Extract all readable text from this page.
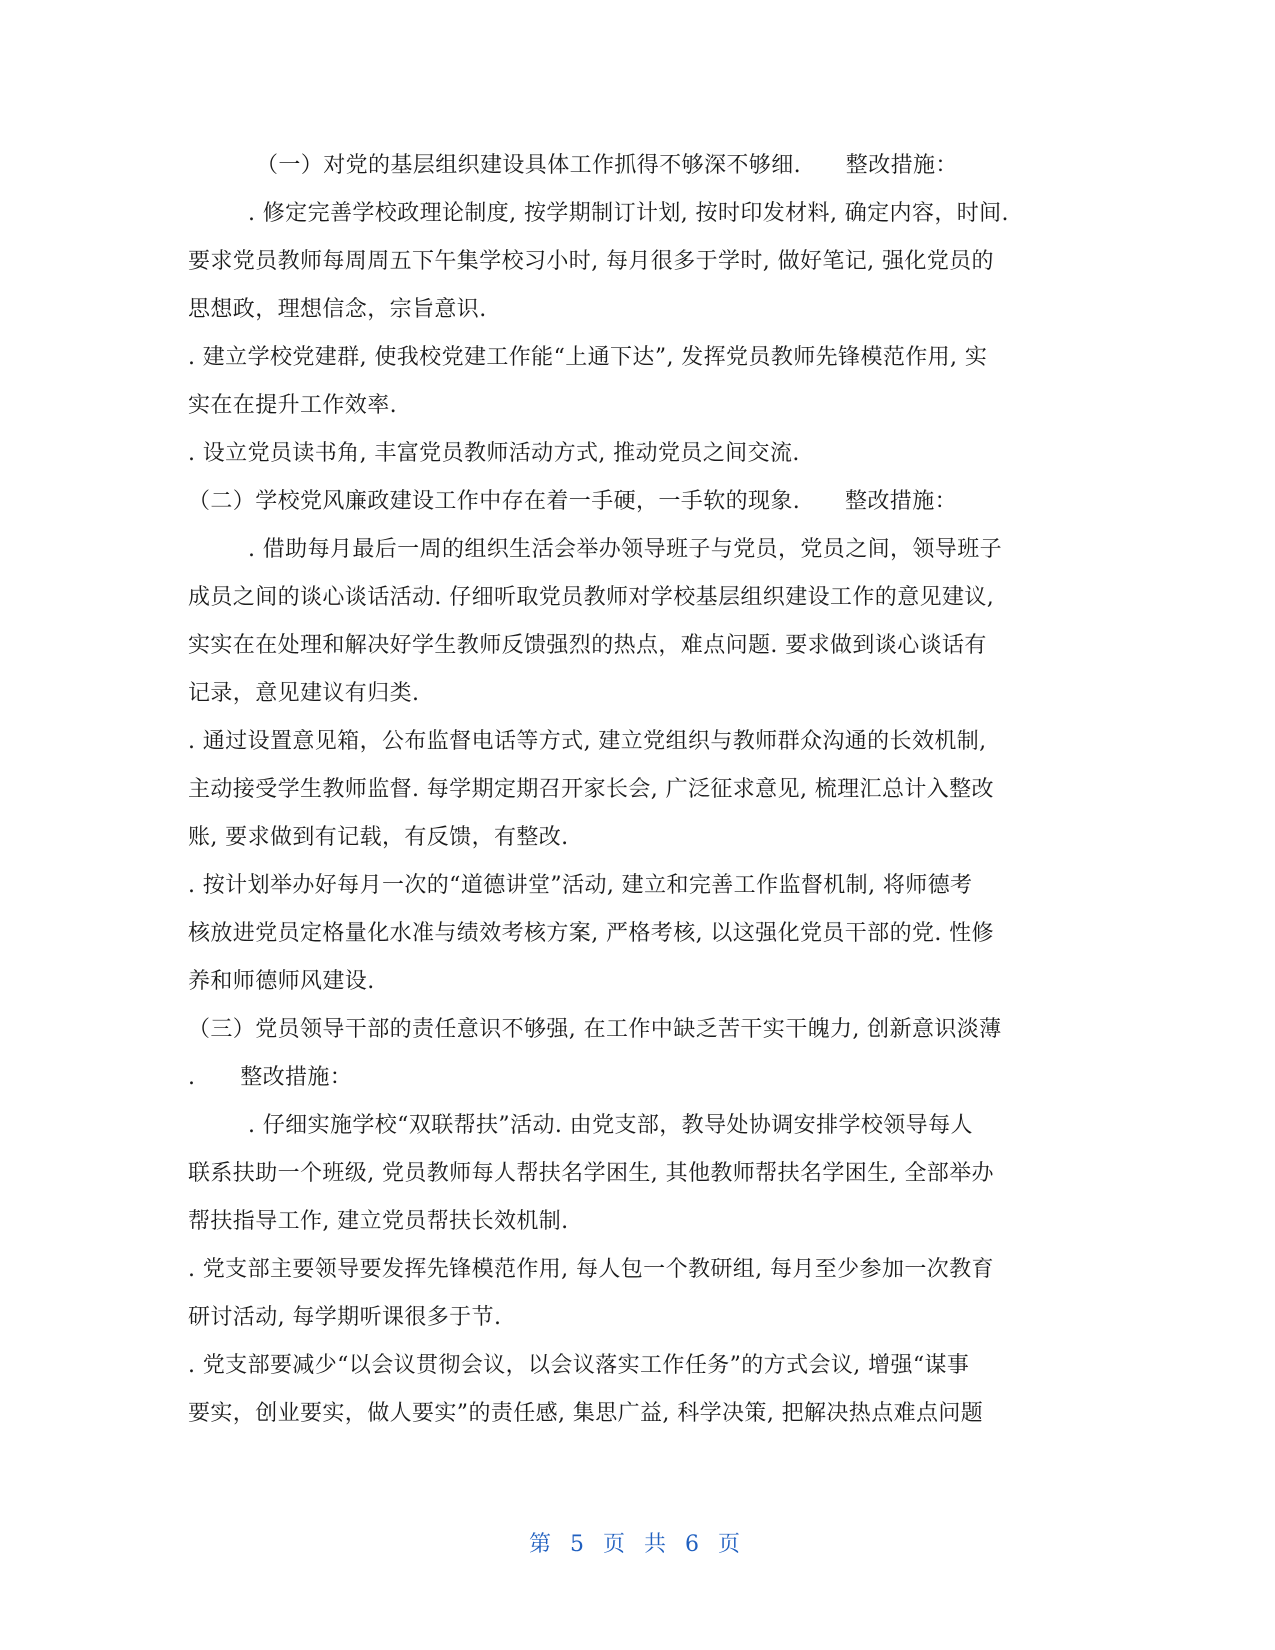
（一）对党的基层组织建设具体工作抓得不够深不够细.　　整改措施：
. 修定完善学校政理论制度, 按学期制订计划, 按时印发材料, 确定内容，时间.
要求党员教师每周周五下午集学校习小时, 每月很多于学时, 做好笔记, 强化党员的
思想政，理想信念，宗旨意识.
. 建立学校党建群, 使我校党建工作能“上通下达”, 发挥党员教师先锋模范作用, 实
实在在提升工作效率.
. 设立党员读书角, 丰富党员教师活动方式, 推动党员之间交流.
（二）学校党风廉政建设工作中存在着一手硬，一手软的现象.　　整改措施：
. 借助每月最后一周的组织生活会举办领导班子与党员，党员之间，领导班子
成员之间的谈心谈话活动. 仔细听取党员教师对学校基层组织建设工作的意见建议,
实实在在处理和解决好学生教师反馈强烈的热点，难点问题. 要求做到谈心谈话有
记录，意见建议有归类.
. 通过设置意见箱，公布监督电话等方式, 建立党组织与教师群众沟通的长效机制,
主动接受学生教师监督. 每学期定期召开家长会, 广泛征求意见, 梳理汇总计入整改
账, 要求做到有记载，有反馈，有整改.
. 按计划举办好每月一次的“道德讲堂”活动, 建立和完善工作监督机制, 将师德考
核放进党员定格量化水准与绩效考核方案, 严格考核, 以这强化党员干部的党. 性修
养和师德师风建设.
（三）党员领导干部的责任意识不够强, 在工作中缺乏苦干实干魄力, 创新意识淡薄
.　　整改措施：
. 仔细实施学校“双联帮扶”活动. 由党支部，教导处协调安排学校领导每人
联系扶助一个班级, 党员教师每人帮扶名学困生, 其他教师帮扶名学困生, 全部举办
帮扶指导工作, 建立党员帮扶长效机制.
. 党支部主要领导要发挥先锋模范作用, 每人包一个教研组, 每月至少参加一次教育
研讨活动, 每学期听课很多于节.
. 党支部要减少“以会议贯彻会议，以会议落实工作任务”的方式会议, 增强“谋事
要实，创业要实，做人要实”的责任感, 集思广益, 科学决策, 把解决热点难点问题
第 5 页 共 6 页
